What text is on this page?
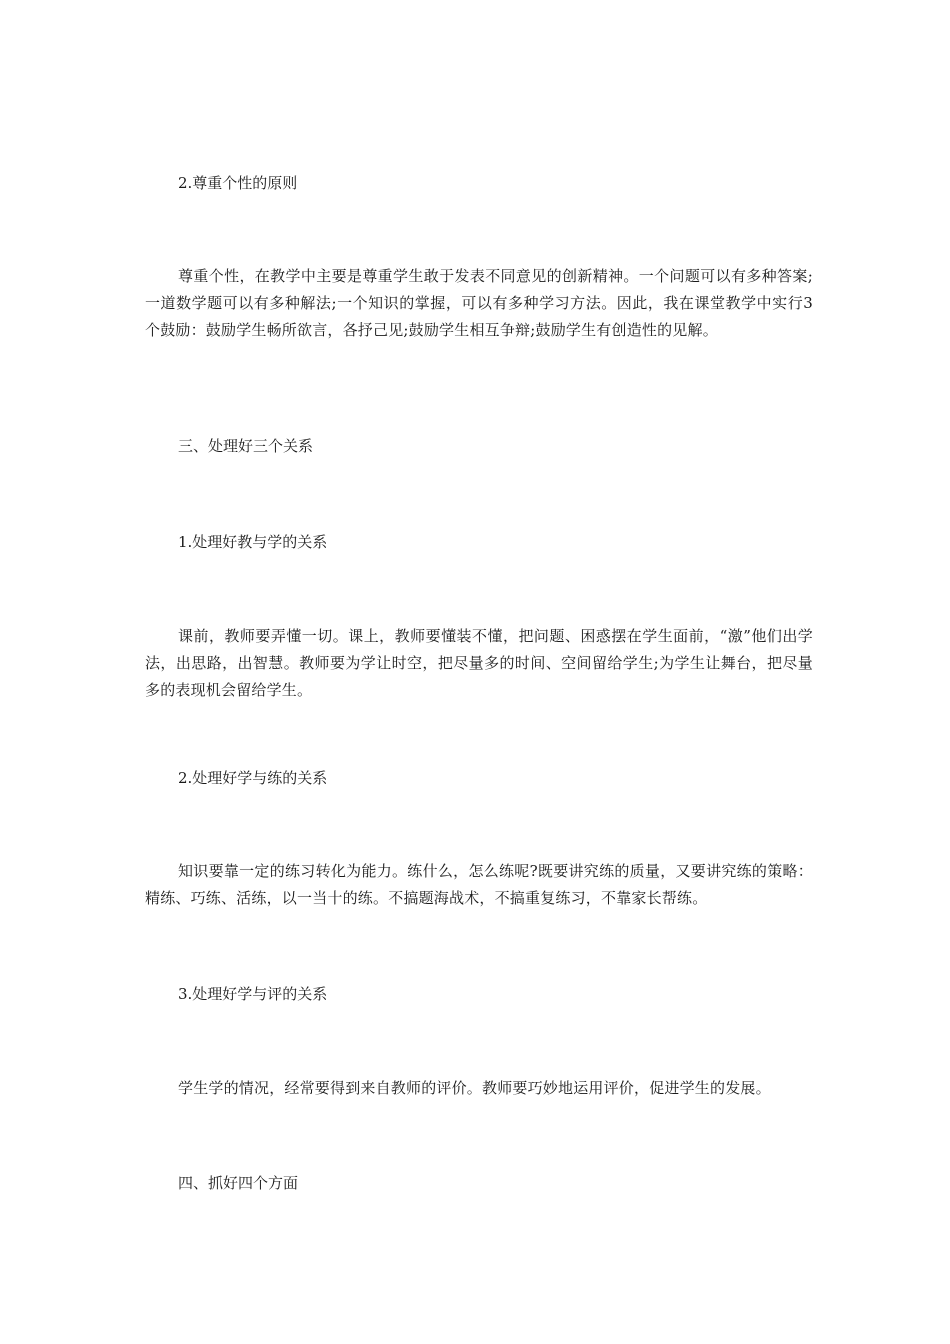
2.尊重个性的原则

尊重个性，在教学中主要是尊重学生敢于发表不同意见的创新精神。一个问题可以有多种答案;一道数学题可以有多种解法;一个知识的掌握，可以有多种学习方法。因此，我在课堂教学中实行3个鼓励：鼓励学生畅所欲言，各抒己见;鼓励学生相互争辩;鼓励学生有创造性的见解。

三、处理好三个关系

1.处理好教与学的关系

课前，教师要弄懂一切。课上，教师要懂装不懂，把问题、困惑摆在学生面前，“激”他们出学法，出思路，出智慧。教师要为学让时空，把尽量多的时间、空间留给学生;为学生让舞台，把尽量多的表现机会留给学生。

2.处理好学与练的关系

知识要靠一定的练习转化为能力。练什么，怎么练呢?既要讲究练的质量，又要讲究练的策略：精练、巧练、活练，以一当十的练。不搞题海战术，不搞重复练习，不靠家长帮练。

3.处理好学与评的关系

学生学的情况，经常要得到来自教师的评价。教师要巧妙地运用评价，促进学生的发展。

四、抓好四个方面
